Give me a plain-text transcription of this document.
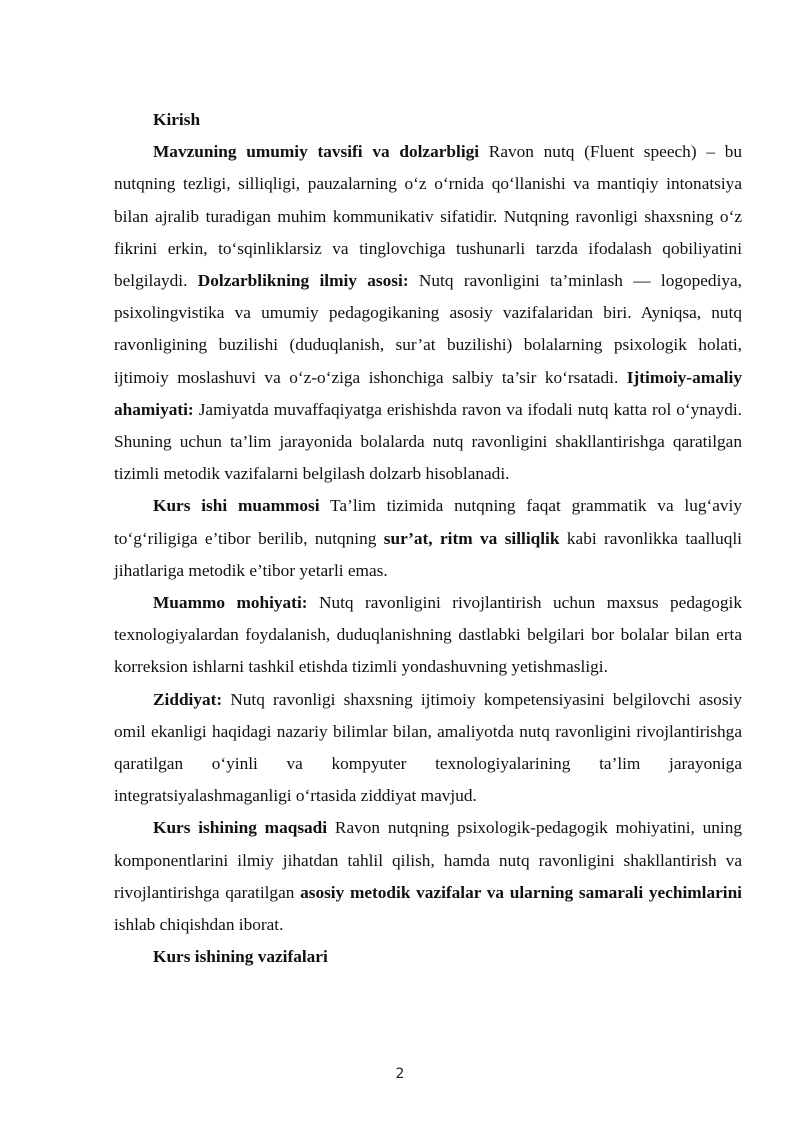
Kirish

Mavzuning umumiy tavsifi va dolzarbligi Ravon nutq (Fluent speech) – bu nutqning tezligi, silliqligi, pauzalarning o‘z o‘rnida qo‘llanishi va mantiqiy intonatsiya bilan ajralib turadigan muhim kommunikativ sifatidir. Nutqning ravonligi shaxsning o‘z fikrini erkin, to‘sqinliklarsiz va tinglovchiga tushunarli tarzda ifodalash qobiliyatini belgilaydi. Dolzarblikning ilmiy asosi: Nutq ravonligini ta’minlash — logopediya, psixolingvistika va umumiy pedagogikaning asosiy vazifalaridan biri. Ayniqsa, nutq ravonligining buzilishi (duduqlanish, sur’at buzilishi) bolalarning psixologik holati, ijtimoiy moslashuvi va o‘z-o‘ziga ishonchiga salbiy ta’sir ko‘rsatadi. Ijtimoiy-amaliy ahamiyati: Jamiyatda muvaffaqiyatga erishishda ravon va ifodali nutq katta rol o‘ynaydi. Shuning uchun ta’lim jarayonida bolalarda nutq ravonligini shakllantirishga qaratilgan tizimli metodik vazifalarni belgilash dolzarb hisoblanadi.

Kurs ishi muammosi Ta’lim tizimida nutqning faqat grammatik va lug‘aviy to‘g‘riligiga e’tibor berilib, nutqning sur’at, ritm va silliqlik kabi ravonlikka taalluqli jihatlariga metodik e’tibor yetarli emas.

Muammo mohiyati: Nutq ravonligini rivojlantirish uchun maxsus pedagogik texnologiyalardan foydalanish, duduqlanishning dastlabki belgilari bor bolalar bilan erta korreksion ishlarni tashkil etishda tizimli yondashuvning yetishmasligi.

Ziddiyat: Nutq ravonligi shaxsning ijtimoiy kompetensiyasini belgilovchi asosiy omil ekanligi haqidagi nazariy bilimlar bilan, amaliyotda nutq ravonligini rivojlantirishga qaratilgan o‘yinli va kompyuter texnologiyalarining ta’lim jarayoniga integratsiyalashmaganligi o‘rtasida ziddiyat mavjud.

Kurs ishining maqsadi Ravon nutqning psixologik-pedagogik mohiyatini, uning komponentlarini ilmiy jihatdan tahlil qilish, hamda nutq ravonligini shakllantirish va rivojlantirishga qaratilgan asosiy metodik vazifalar va ularning samarali yechimlarini ishlab chiqishdan iborat.

Kurs ishining vazifalari

2
